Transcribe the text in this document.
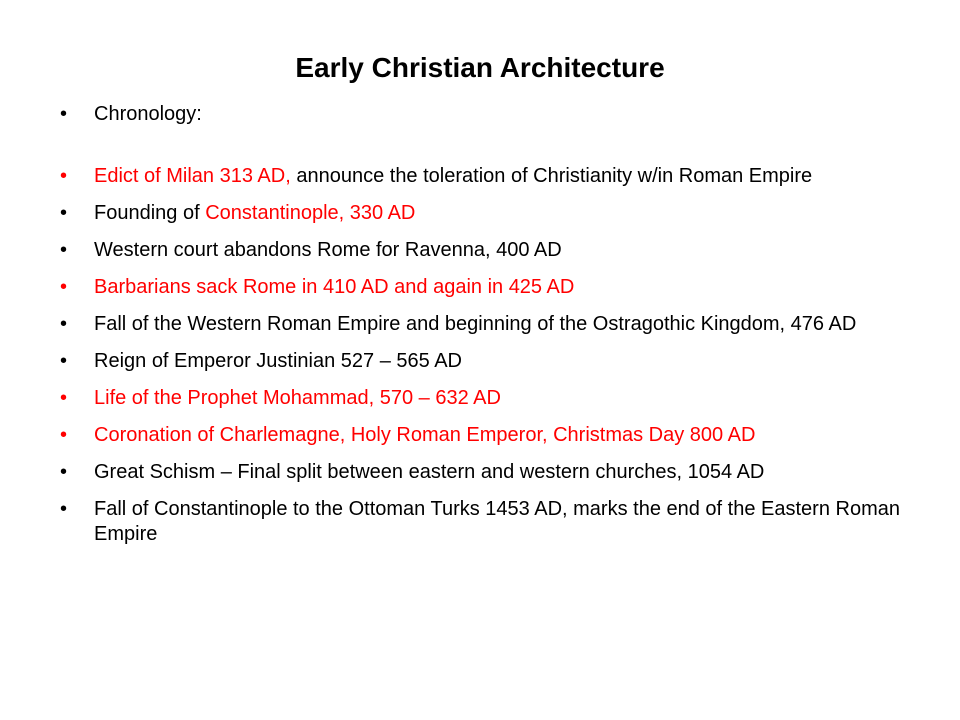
Early Christian Architecture
• Chronology:
• Edict of Milan 313 AD, announce the toleration of Christianity w/in Roman Empire
• Founding of Constantinople, 330 AD
• Western court abandons Rome for Ravenna, 400 AD
• Barbarians sack Rome in 410 AD and again in 425 AD
• Fall of the Western Roman Empire and beginning of the Ostragothic Kingdom, 476 AD
• Reign of Emperor Justinian 527 – 565 AD
• Life of the Prophet Mohammad, 570 – 632 AD
• Coronation of Charlemagne, Holy Roman Emperor, Christmas Day 800 AD
• Great Schism – Final split between eastern and western churches, 1054 AD
• Fall of Constantinople to the Ottoman Turks 1453 AD, marks the end of the Eastern Roman Empire
